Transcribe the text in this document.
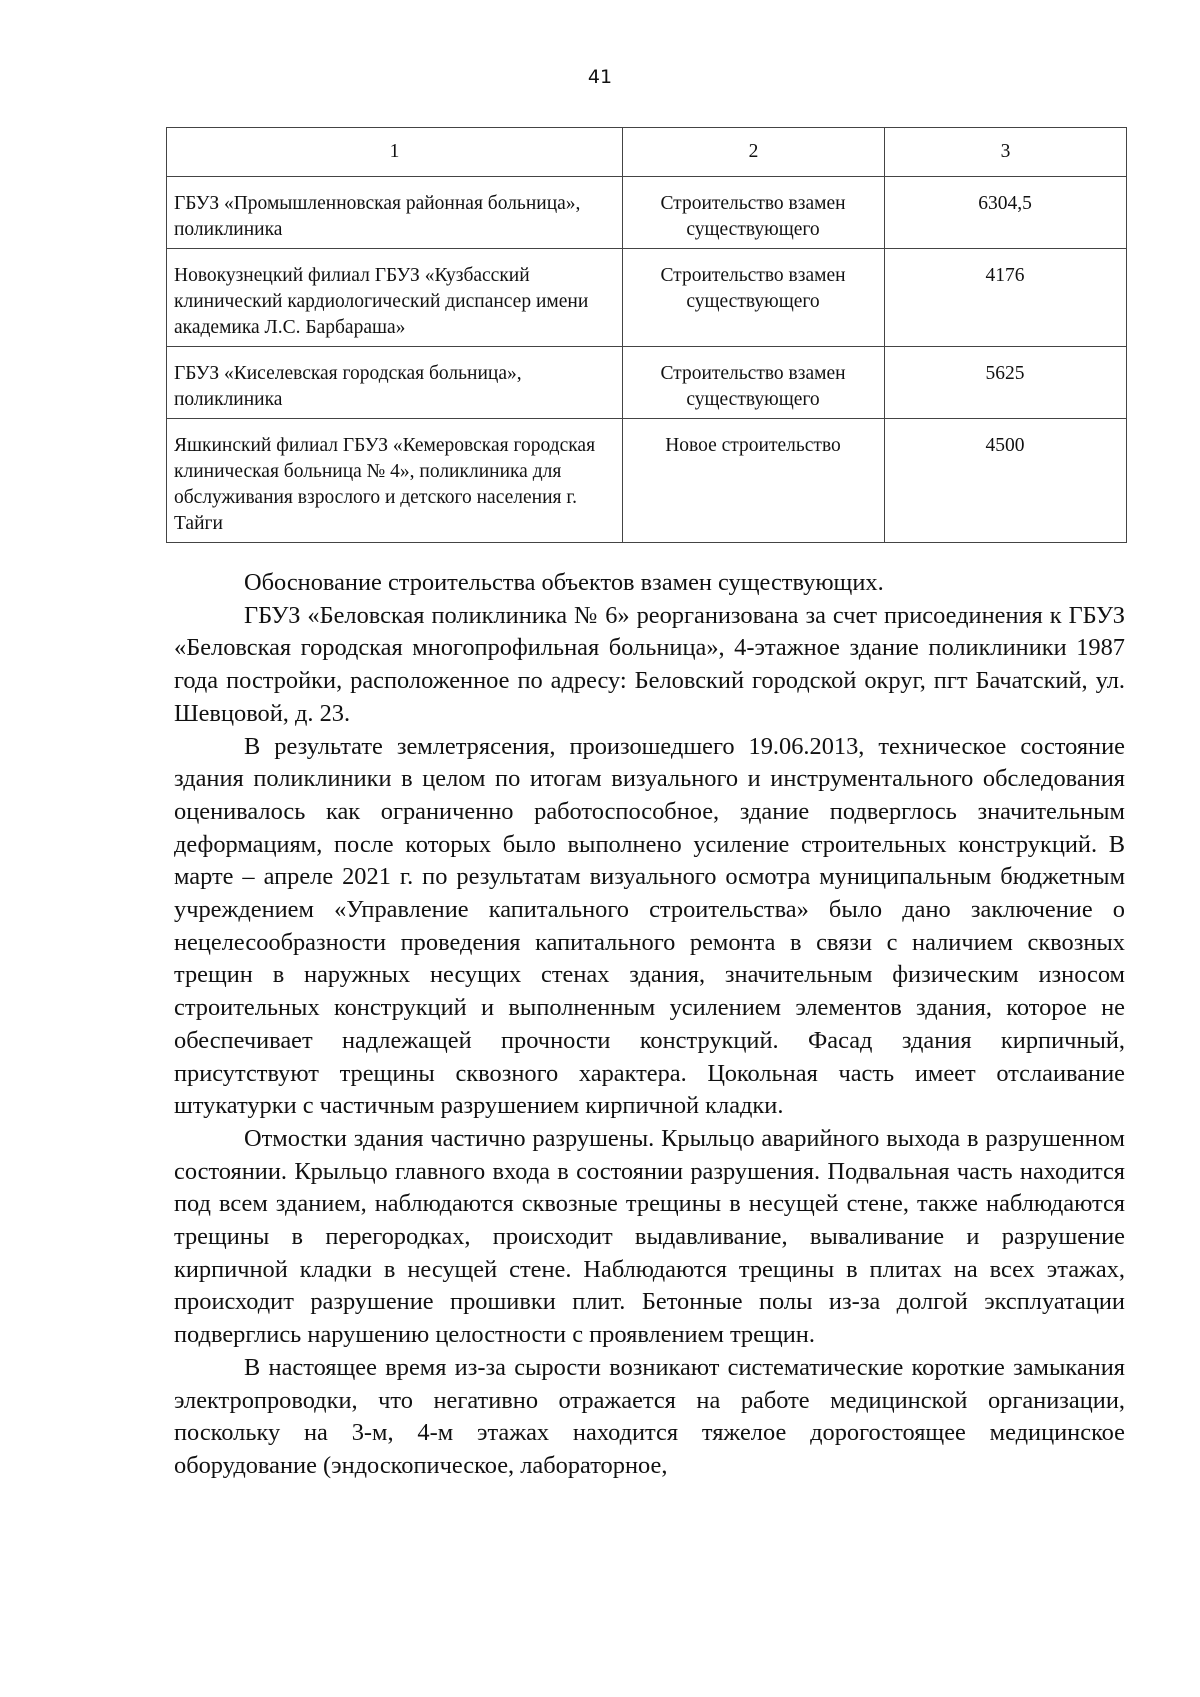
41
1	2	3
ГБУЗ «Промышленновская районная больница», поликлиника	Строительство взамен существующего	6304,5
Новокузнецкий филиал ГБУЗ «Кузбасский клинический кардиологический диспансер имени академика Л.С. Барбараша»	Строительство взамен существующего	4176
ГБУЗ «Киселевская городская больница», поликлиника	Строительство взамен существующего	5625
Яшкинский филиал ГБУЗ «Кемеровская городская клиническая больница № 4», поликлиника для обслуживания взрослого и детского населения г. Тайги	Новое строительство	4500

Обоснование строительства объектов взамен существующих.

ГБУЗ «Беловская поликлиника № 6» реорганизована за счет присоединения к ГБУЗ «Беловская городская многопрофильная больница», 4-этажное здание поликлиники 1987 года постройки, расположенное по адресу: Беловский городской округ, пгт Бачатский, ул. Шевцовой, д. 23.

В результате землетрясения, произошедшего 19.06.2013, техническое состояние здания поликлиники в целом по итогам визуального и инструментального обследования оценивалось как ограниченно работоспособное, здание подверглось значительным деформациям, после которых было выполнено усиление строительных конструкций. В марте – апреле 2021 г. по результатам визуального осмотра муниципальным бюджетным учреждением «Управление капитального строительства» было дано заключение о нецелесообразности проведения капитального ремонта в связи с наличием сквозных трещин в наружных несущих стенах здания, значительным физическим износом строительных конструкций и выполненным усилением элементов здания, которое не обеспечивает надлежащей прочности конструкций. Фасад здания кирпичный, присутствуют трещины сквозного характера. Цокольная часть имеет отслаивание штукатурки с частичным разрушением кирпичной кладки.

Отмостки здания частично разрушены. Крыльцо аварийного выхода в разрушенном состоянии. Крыльцо главного входа в состоянии разрушения. Подвальная часть находится под всем зданием, наблюдаются сквозные трещины в несущей стене, также наблюдаются трещины в перегородках, происходит выдавливание, вываливание и разрушение кирпичной кладки в несущей стене. Наблюдаются трещины в плитах на всех этажах, происходит разрушение прошивки плит. Бетонные полы из-за долгой эксплуатации подверглись нарушению целостности с проявлением трещин.

В настоящее время из-за сырости возникают систематические короткие замыкания электропроводки, что негативно отражается на работе медицинской организации, поскольку на 3-м, 4-м этажах находится тяжелое дорогостоящее медицинское оборудование (эндоскопическое, лабораторное,
